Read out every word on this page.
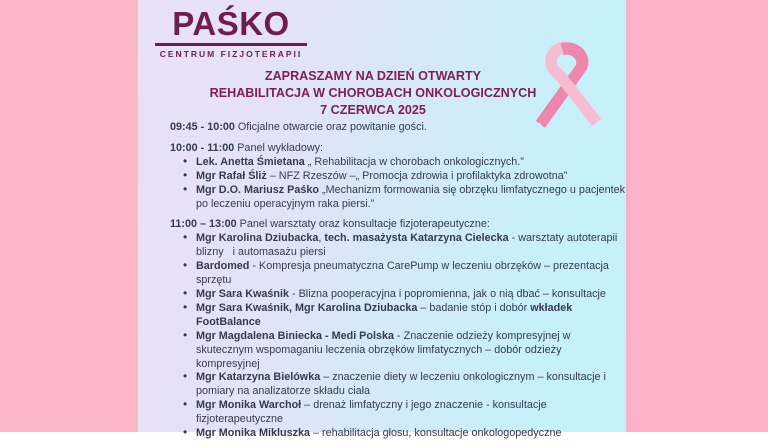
PAŚKO
CENTRUM FIZJOTERAPII
ZAPRASZAMY NA DZIEŃ OTWARTY
REHABILITACJA W CHOROBACH ONKOLOGICZNYCH
7 CZERWCA 2025
09:45 - 10:00 Oficjalne otwarcie oraz powitanie gości.
10:00 - 11:00 Panel wykładowy:
• Lek. Anetta Śmietana „ Rehabilitacja w chorobach onkologicznych.”
• Mgr Rafał Śliż – NFZ Rzeszów –„ Promocja zdrowia i profilaktyka zdrowotna”
• Mgr D.O. Mariusz Paśko „Mechanizm formowania się obrzęku limfatycznego u pacjentek po leczeniu operacyjnym raka piersi.”
11:00 – 13:00 Panel warsztaty oraz konsultacje fizjoterapeutyczne:
• Mgr Karolina Dziubacka, tech. masażysta Katarzyna Cielecka - warsztaty autoterapii blizny   i automasażu piersi
• Bardomed - Kompresja pneumatyczna CarePump w leczeniu obrzęków – prezentacja sprzętu
• Mgr Sara Kwaśnik - Blizna pooperacyjna i popromienna, jak o nią dbać – konsultacje
• Mgr Sara Kwaśnik, Mgr Karolina Dziubacka – badanie stóp i dobór wkładek FootBalance
• Mgr Magdalena Biniecka - Medi Polska - Znaczenie odzieży kompresyjnej w skutecznym wspomaganiu leczenia obrzęków limfatycznych – dobór odzieży kompresyjnej
• Mgr Katarzyna Bielówka – znaczenie diety w leczeniu onkologicznym – konsultacje i pomiary na analizatorze składu ciała
• Mgr Monika Warchoł – drenaż limfatyczny i jego znaczenie - konsultacje fizjoterapeutyczne
• Mgr Monika Mikluszka – rehabilitacja głosu, konsultacje onkologopedyczne
